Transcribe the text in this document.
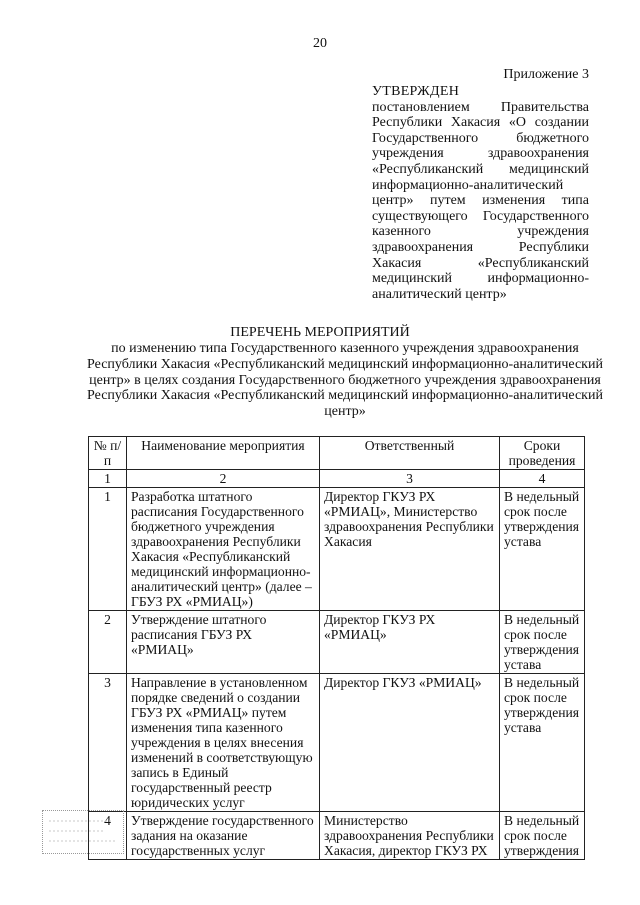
20
Приложение 3
УТВЕРЖДЕН
постановлением Правительства Республики Хакасия «О создании Государственного бюджетного учреждения здравоохранения «Республиканский медицинский информационно-аналитический центр» путем изменения типа существующего Государственного казенного учреждения здравоохранения Республики Хакасия «Республиканский медицинский информационно-аналитический центр»
ПЕРЕЧЕНЬ МЕРОПРИЯТИЙ
по изменению типа Государственного казенного учреждения здравоохранения Республики Хакасия «Республиканский медицинский информационно-аналитический центр» в целях создания Государственного бюджетного учреждения здравоохранения Республики Хакасия «Республиканский медицинский информационно-аналитический центр»
№ п/п	Наименование мероприятия	Ответственный	Сроки проведения
1	2	3	4
1	Разработка штатного расписания Государственного бюджетного учреждения здравоохранения Республики Хакасия «Республиканский медицинский информационно-аналитический центр» (далее – ГБУЗ РХ «РМИАЦ»)	Директор ГКУЗ РХ «РМИАЦ», Министерство здравоохранения Республики Хакасия	В недельный срок после утверждения устава
2	Утверждение штатного расписания ГБУЗ РХ «РМИАЦ»	Директор ГКУЗ РХ «РМИАЦ»	В недельный срок после утверждения устава
3	Направление в установленном порядке сведений о создании ГБУЗ РХ «РМИАЦ» путем изменения типа казенного учреждения в целях внесения изменений в соответствующую запись в Единый государственный реестр юридических услуг	Директор ГКУЗ «РМИАЦ»	В недельный срок после утверждения устава
4	Утверждение государственного задания на оказание государственных услуг	Министерство здравоохранения Республики Хакасия, директор ГКУЗ РХ	В недельный срок после утверждения
